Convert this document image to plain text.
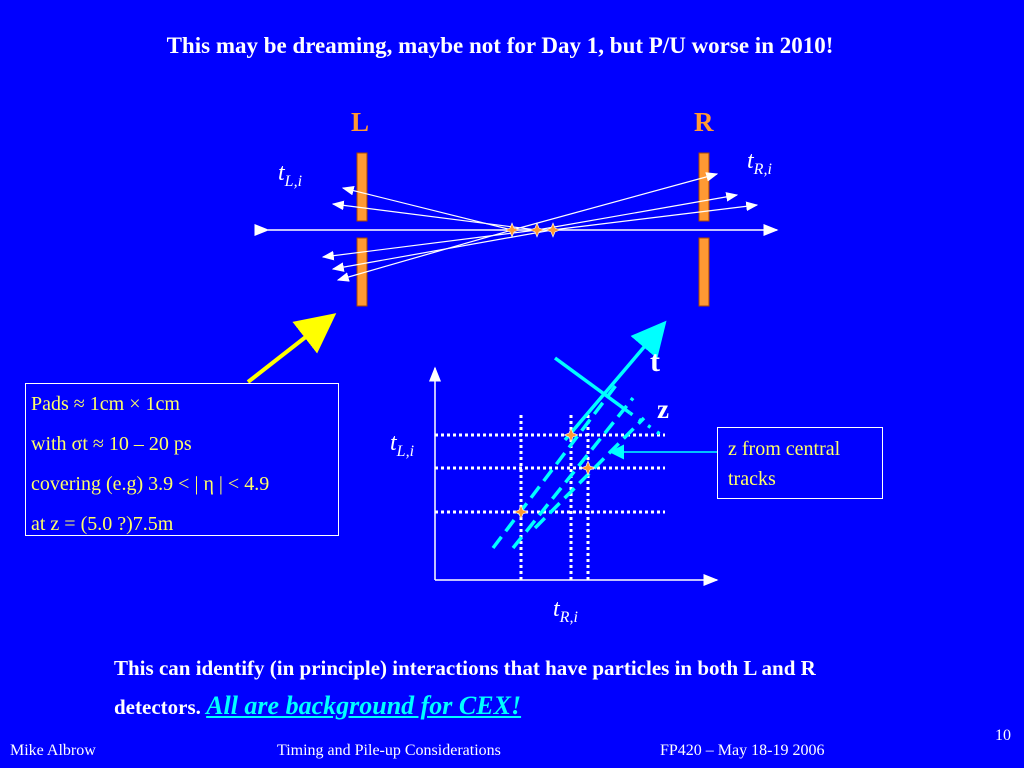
This may be dreaming, maybe not for Day 1, but P/U worse in 2010!
L	R
$t_{L,i}$
$t_{R,i}$
$t_{L,i}$
$t_{R,i}$
t
z
Pads ≈ 1cm × 1cm
with σt ≈ 10 – 20 ps
covering (e.g) 3.9 < | η | < 4.9
at z = (5.0 ?)7.5m
z from central tracks
This can identify (in principle) interactions that have particles in both L and R detectors. All are background for CEX!
Mike Albrow	Timing and Pile-up Considerations	FP420 – May 18-19 2006
10
